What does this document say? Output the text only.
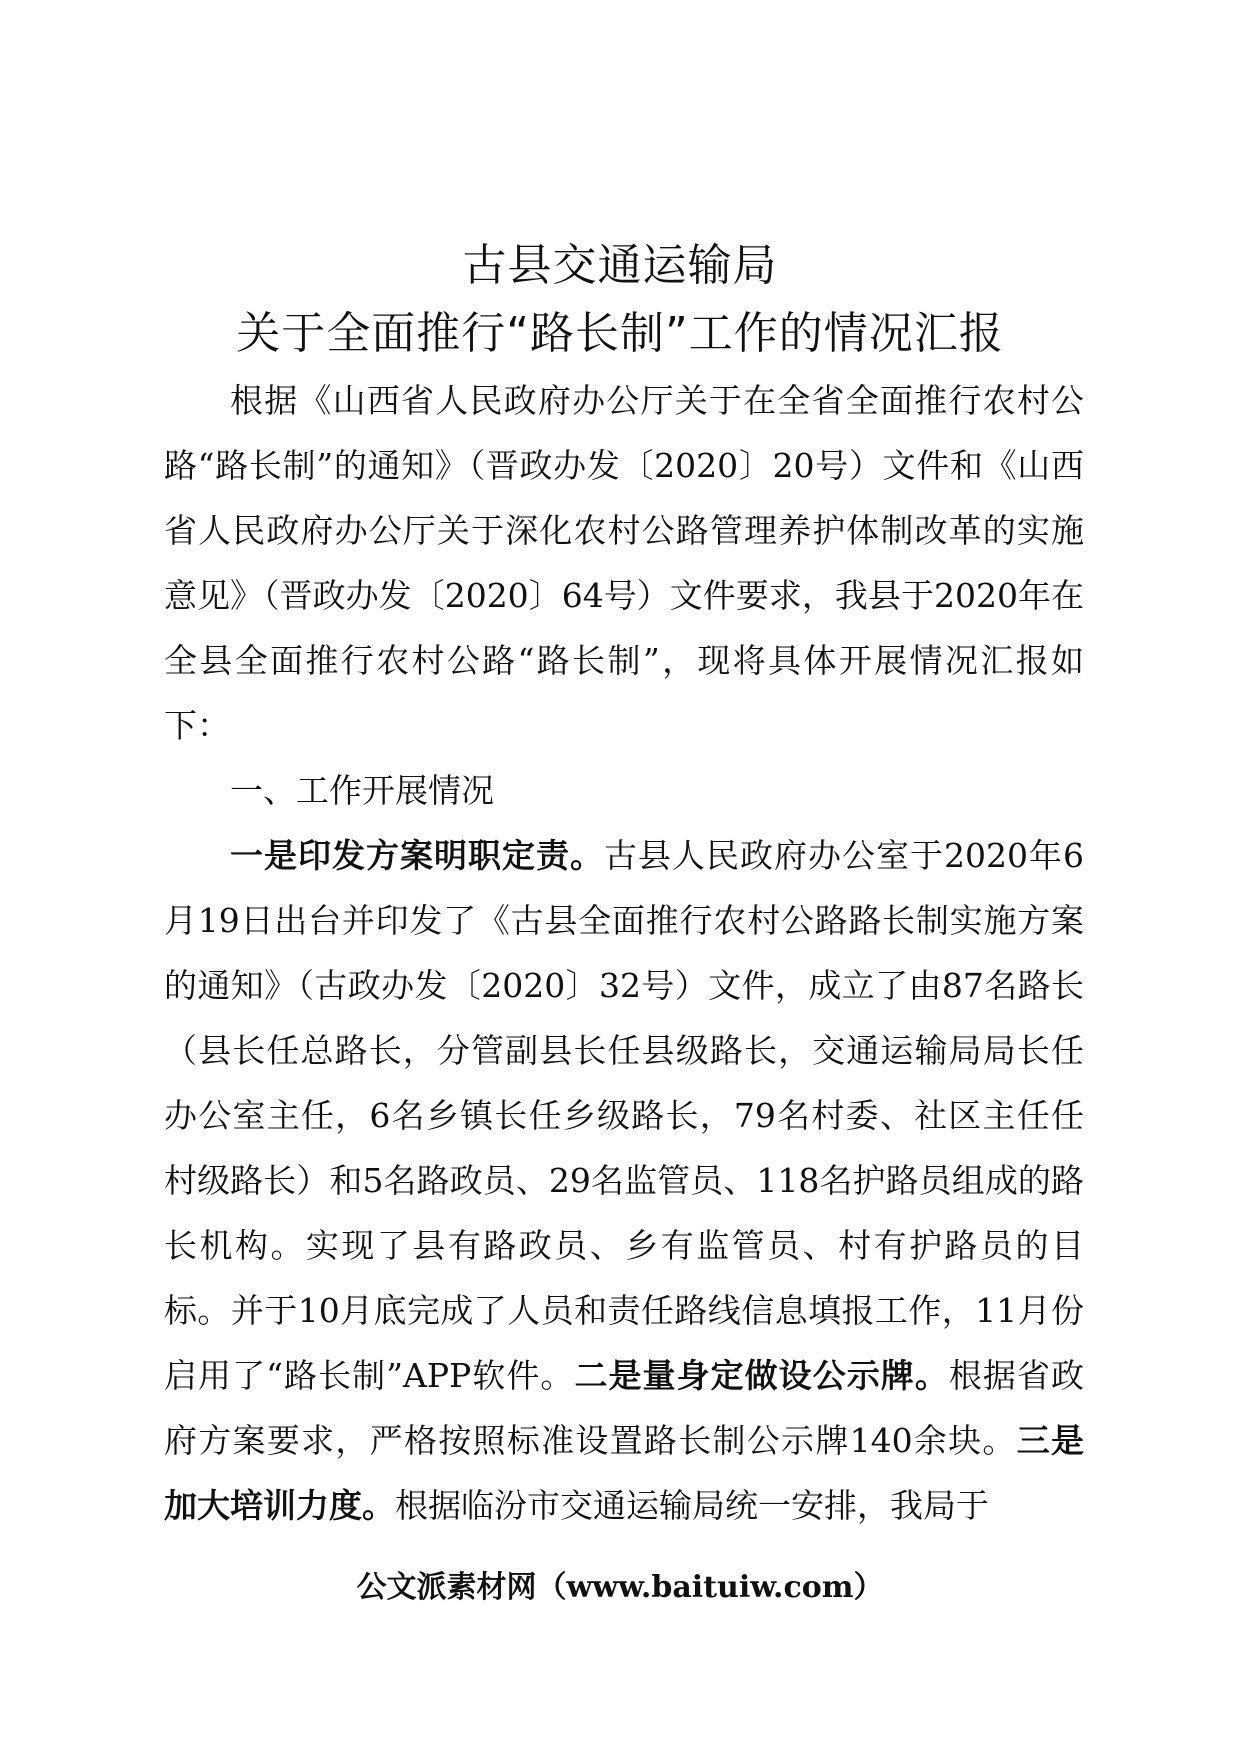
古县交通运输局
关于全面推行“路长制”工作的情况汇报

根据《山西省人民政府办公厅关于在全省全面推行农村公路“路长制”的通知》（晋政办发〔2020〕20号）文件和《山西省人民政府办公厅关于深化农村公路管理养护体制改革的实施意见》（晋政办发〔2020〕64号）文件要求，我县于2020年在全县全面推行农村公路“路长制”，现将具体开展情况汇报如下：

一、工作开展情况

一是印发方案明职定责。古县人民政府办公室于2020年6月19日出台并印发了《古县全面推行农村公路路长制实施方案的通知》（古政办发〔2020〕32号）文件，成立了由87名路长（县长任总路长，分管副县长任县级路长，交通运输局局长任办公室主任，6名乡镇长任乡级路长，79名村委、社区主任任村级路长）和5名路政员、29名监管员、118名护路员组成的路长机构。实现了县有路政员、乡有监管员、村有护路员的目标。并于10月底完成了人员和责任路线信息填报工作，11月份启用了“路长制”APP软件。二是量身定做设公示牌。根据省政府方案要求，严格按照标准设置路长制公示牌140余块。三是加大培训力度。根据临汾市交通运输局统一安排，我局于

公文派素材网（www.baituiw.com）
